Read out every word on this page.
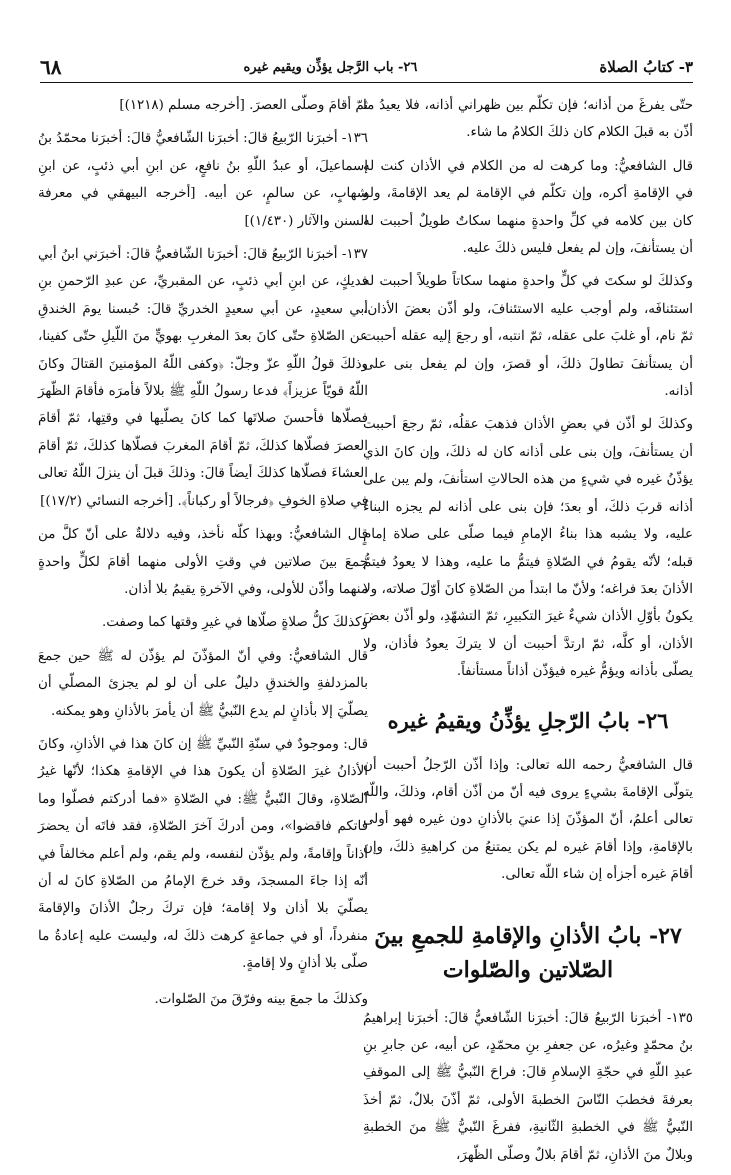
٣- كتابُ الصلاة
٢٦- باب الرَّجل يؤذِّن ويقيم غيره
٦٨

حتّى يفرغَ من أذانه؛ فإن تكلّم بين ظهراني أذانه، فلا يعيدُ ما أذّن به قبلَ الكلام كان ذلكَ الكلامُ ما شاء.

قال الشافعيُّ: وما كرهت له من الكلام في الأذان كنت له في الإقامةِ أكره، وإن تكلّم في الإقامة لم يعد الإقامةَ، ولو كان بين كلامه في كلِّ واحدةٍ منهما سكاتٌ طويلٌ أحببت له أن يستأنفَ، وإن لم يفعل فليس ذلكَ عليه.

وكذلكَ لو سكتَ في كلٍّ واحدةٍ منهما سكاتاً طويلاً أحببت له استئنافَه، ولم أوجب عليه الاستئنافَ، ولو أذّن بعضَ الأذان، ثمّ نام، أو غلبَ على عقله، ثمّ انتبه، أو رجعَ إليه عقله أحببت أن يستأنفَ تطاولَ ذلكَ، أو قصرَ، وإن لم يفعل بنى على أذانه.

وكذلكَ لو أذّن في بعضِ الأذان فذهبَ عقلُه، ثمّ رجعَ أحببت أن يستأنفَ، وإن بنى على أذانه كان له ذلكَ، وإن كانَ الذي يؤذّنُ غيره في شيءٍ من هذه الحالاتِ استأنفَ، ولم يبن على أذانه قربَ ذلكَ، أو بعدَ؛ فإن بنى على أذانه لم يجزه البناءُ عليه، ولا يشبه هذا بناءُ الإمامِ فيما صلّى على صلاة إمامٍ قبله؛ لأنّه يقومُ في الصّلاةِ فيتمُّ ما عليه، وهذا لا يعودُ فيتمُّ الأذانَ بعدَ فراغه؛ ولأنّ ما ابتدأ من الصّلاةِ كانَ أوّلَ صلاته، ولا يكونُ بأوّلِ الأذان شيءٌ غيرَ التكبيرِ، ثمّ التشهّدِ، ولو أذّن بعضَ الأذان، أو كلَّه، ثمّ ارتدَّ أحببت أن لا يتركَ يعودُ فأذان، ولا يصلّى بأذانه ويؤمُّ غيره فيؤذّن أذاناً مستأنفاً.

٢٦- بابُ الرّجلِ يؤذِّنُ ويقيمُ غيره

قال الشافعيُّ رحمه الله تعالى: وإذا أذّن الرّجلُ أحببت أن يتولّى الإقامةَ بشيءٍ يروى فيه أنّ من أذّن أقام، وذلكَ، واللّه تعالى أعلمُ، أنّ المؤذّنَ إذا عنيَ بالأذانِ دون غيره فهو أولى بالإقامةِ، وإذا أقامَ غيره لم يكن يمتنعُ من كراهيةِ ذلكَ، وإن أقامَ غيره أجزأه إن شاء اللّه تعالى.

٢٧- بابُ الأذانِ والإقامةِ للجمعِ بينَ الصّلاتين والصّلوات

١٣٥- أخبرَنا الرّبيعُ قالَ: أخبرَنا الشّافعيُّ قالَ: أخبرَنا إبراهيمُ بنُ محمّدٍ وغيرُه، عن جعفرِ بنِ محمّدٍ، عن أبيه، عن جابرِ بنِ عبدِ اللّهِ في حجّةِ الإسلامِ قالَ: فراحَ النّبيُّ ﷺ إلى الموقفِ بعرفةَ فخطبَ النّاسَ الخطبةَ الأولى، ثمّ أذّنَ بلالٌ، ثمّ أخذَ النّبيُّ ﷺ في الخطبةِ الثّانيةِ، ففرغَ النّبيُّ ﷺ منَ الخطبةِ وبلالٌ منَ الأذانِ، ثمّ أقامَ بلالٌ وصلّى الظّهرَ،

ثمّ أقامَ وصلّى العصرَ. [أخرجه مسلم (١٢١٨)]

١٣٦- أخبرَنا الرّبيعُ قالَ: أخبرَنا الشّافعيُّ قالَ: أخبرَنا محمّدُ بنُ إسماعيلَ، أو عبدُ اللّهِ بنُ نافعٍ، عن ابنِ أبي ذئبٍ، عن ابنِ شهابٍ، عن سالمٍ، عن أبيه. [أخرجه البيهقي في معرفة السنن والآثار (١/٤٣٠)]

١٣٧- أخبرَنا الرّبيعُ قالَ: أخبرَنا الشّافعيُّ قالَ: أخبرَني ابنُ أبي فديكٍ، عن ابنِ أبي ذئبٍ، عن المقبريِّ، عن عبدِ الرّحمنِ بنِ أبي سعيدٍ، عن أبي سعيدٍ الخدريِّ قالَ: حُبسنا يومَ الخندقِ عن الصّلاةِ حتّى كانَ بعدَ المغربِ بهويٍّ منَ اللّيلِ حتّى كفينا، وذلكَ قولُ اللّهِ عزّ وجلّ: ﴿وكفى اللّهُ المؤمنينَ القتالَ وكانَ اللّهُ قويّاً عزيزاً﴾ فدعا رسولُ اللّهِ ﷺ بلالاً فأمرَه فأقامَ الظّهرَ فصلّاها فأحسنَ صلاتَها كما كانَ يصلّيها في وقتِها، ثمّ أقامَ العصرَ فصلّاها كذلكَ، ثمّ أقامَ المغربَ فصلّاها كذلكَ، ثمّ أقامَ العشاءَ فصلّاها كذلكَ أيضاً قالَ: وذلكَ قبلَ أن ينزلَ اللّهُ تعالى في صلاةِ الخوفِ ﴿فرجالاً أو ركباناً﴾. [أخرجه النسائي (١٧/٢)]

قال الشافعيُّ: وبهذا كلّه نأخذ، وفيه دلالةٌ على أنّ كلَّ من جمعَ بينَ صلاتين في وقتِ الأولى منهما أقامَ لكلٍّ واحدةٍ منهما وأذّن للأولى، وفي الآخرةِ يقيمُ بلا أذان.

وكذلكَ كلُّ صلاةٍ صلّاها في غيرِ وقتها كما وصفت.

قال الشافعيُّ: وفي أنّ المؤذّنَ لم يؤذّن له ﷺ حين جمعَ بالمزدلفةِ والخندقِ دليلٌ على أن لو لم يجزئ المصلّي أن يصلّيَ إلا بأذانٍ لم يدع النّبيُّ ﷺ أن يأمرَ بالأذانِ وهو يمكنه.

قال: وموجودٌ في سنّةِ النّبيِّ ﷺ إن كانَ هذا في الأذانِ، وكانَ الأذانُ غيرَ الصّلاةِ أن يكونَ هذا في الإقامةِ هكذا؛ لأنّها غيرُ الصّلاةِ، وقالَ النّبيُّ ﷺ: في الصّلاةِ «فما أدركتم فصلّوا وما فاتكم فاقضوا»، ومن أدركَ آخرَ الصّلاةِ، فقد فاتَه أن يحضرَ أذاناً وإقامةً، ولم يؤذّن لنفسه، ولم يقم، ولم أعلم مخالفاً في أنّه إذا جاءَ المسجدَ، وقد خرجَ الإمامُ من الصّلاةِ كانَ له أن يصلّيَ بلا أذان ولا إقامة؛ فإن تركَ رجلٌ الأذانَ والإقامةَ منفرداً، أو في جماعةٍ كرهت ذلكَ له، وليست عليه إعادةُ ما صلّى بلا أذانٍ ولا إقامةٍ.

وكذلكَ ما جمعَ بينه وفرّقَ منَ الصّلوات.
